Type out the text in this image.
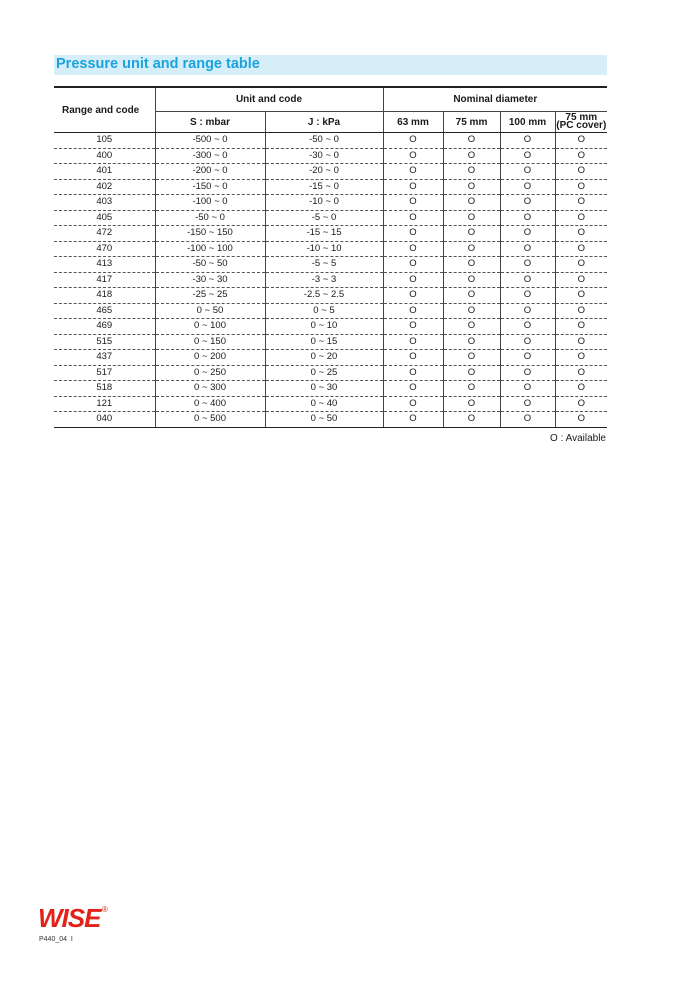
Pressure unit and range table
Range and code	Unit and code		Nominal diameter			
	S : mbar	J : kPa	63 mm	75 mm	100 mm	75 mm
(PC cover)

105	-500 ~ 0	-50 ~ 0	O	O	O	O
400	-300 ~ 0	-30 ~ 0	O	O	O	O
401	-200 ~ 0	-20 ~ 0	O	O	O	O
402	-150 ~ 0	-15 ~ 0	O	O	O	O
403	-100 ~ 0	-10 ~ 0	O	O	O	O
405	-50 ~ 0	-5 ~ 0	O	O	O	O
472	-150 ~ 150	-15 ~ 15	O	O	O	O
470	-100 ~ 100	-10 ~ 10	O	O	O	O
413	-50 ~ 50	-5 ~ 5	O	O	O	O
417	-30 ~ 30	-3 ~ 3	O	O	O	O
418	-25 ~ 25	-2.5 ~ 2.5	O	O	O	O
465	0 ~ 50	0 ~ 5	O	O	O	O
469	0 ~ 100	0 ~ 10	O	O	O	O
515	0 ~ 150	0 ~ 15	O	O	O	O
437	0 ~ 200	0 ~ 20	O	O	O	O
517	0 ~ 250	0 ~ 25	O	O	O	O
518	0 ~ 300	0 ~ 30	O	O	O	O
121	0 ~ 400	0 ~ 40	O	O	O	O
040	0 ~ 500	0 ~ 50	O	O	O	O
O : Available
WISE ®
P440_04 I
